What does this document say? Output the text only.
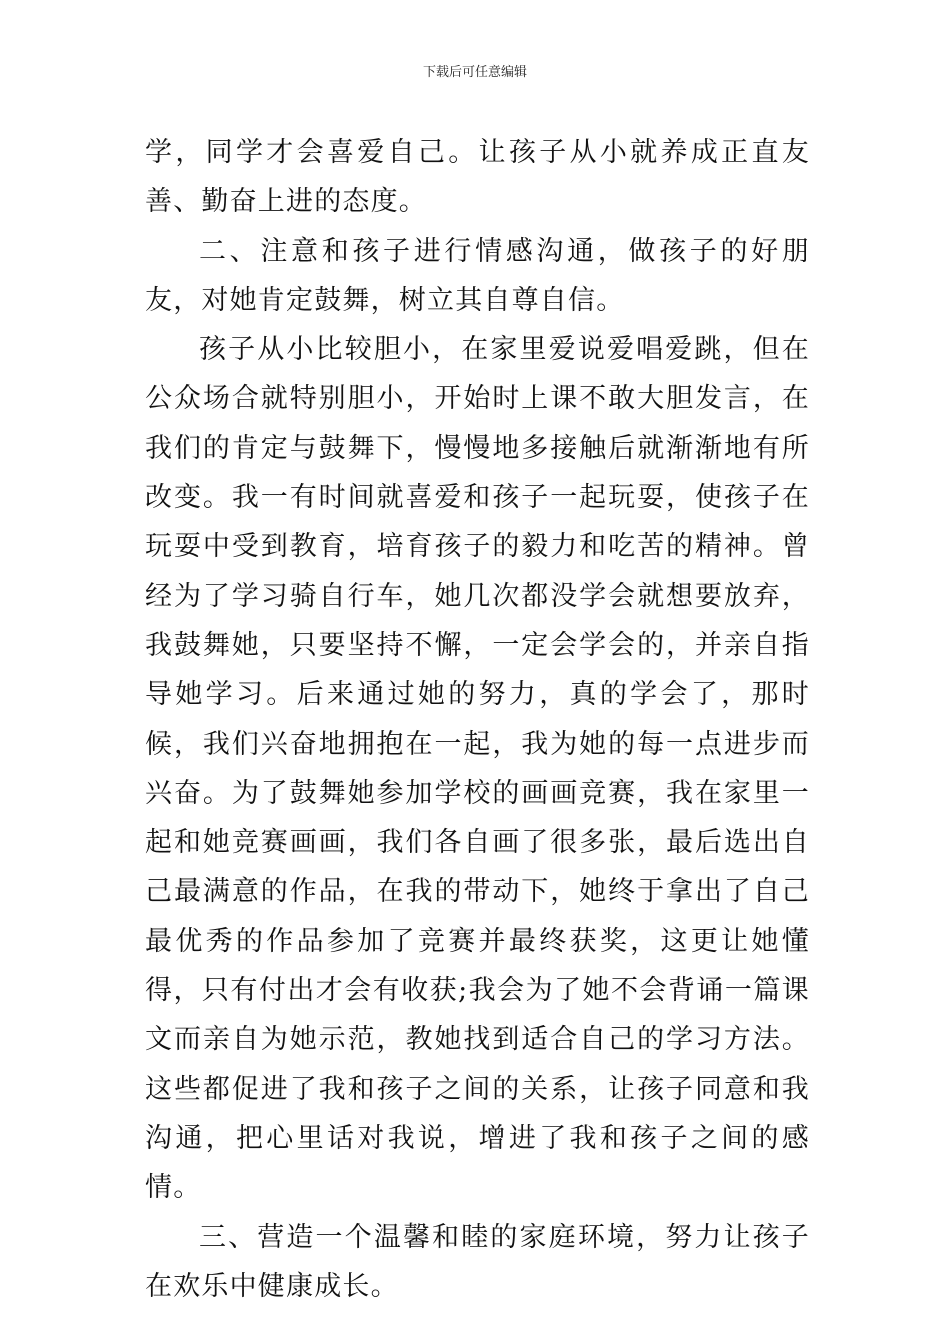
下载后可任意编辑

学，同学才会喜爱自己。让孩子从小就养成正直友善、勤奋上进的态度。

二、注意和孩子进行情感沟通，做孩子的好朋友，对她肯定鼓舞，树立其自尊自信。

孩子从小比较胆小，在家里爱说爱唱爱跳，但在公众场合就特别胆小，开始时上课不敢大胆发言，在我们的肯定与鼓舞下，慢慢地多接触后就渐渐地有所改变。我一有时间就喜爱和孩子一起玩耍，使孩子在玩耍中受到教育，培育孩子的毅力和吃苦的精神。曾经为了学习骑自行车，她几次都没学会就想要放弃，我鼓舞她，只要坚持不懈，一定会学会的，并亲自指导她学习。后来通过她的努力，真的学会了，那时候，我们兴奋地拥抱在一起，我为她的每一点进步而兴奋。为了鼓舞她参加学校的画画竞赛，我在家里一起和她竞赛画画，我们各自画了很多张，最后选出自己最满意的作品，在我的带动下，她终于拿出了自己最优秀的作品参加了竞赛并最终获奖，这更让她懂得，只有付出才会有收获;我会为了她不会背诵一篇课文而亲自为她示范，教她找到适合自己的学习方法。这些都促进了我和孩子之间的关系，让孩子同意和我沟通，把心里话对我说，增进了我和孩子之间的感情。

三、营造一个温馨和睦的家庭环境，努力让孩子在欢乐中健康成长。
